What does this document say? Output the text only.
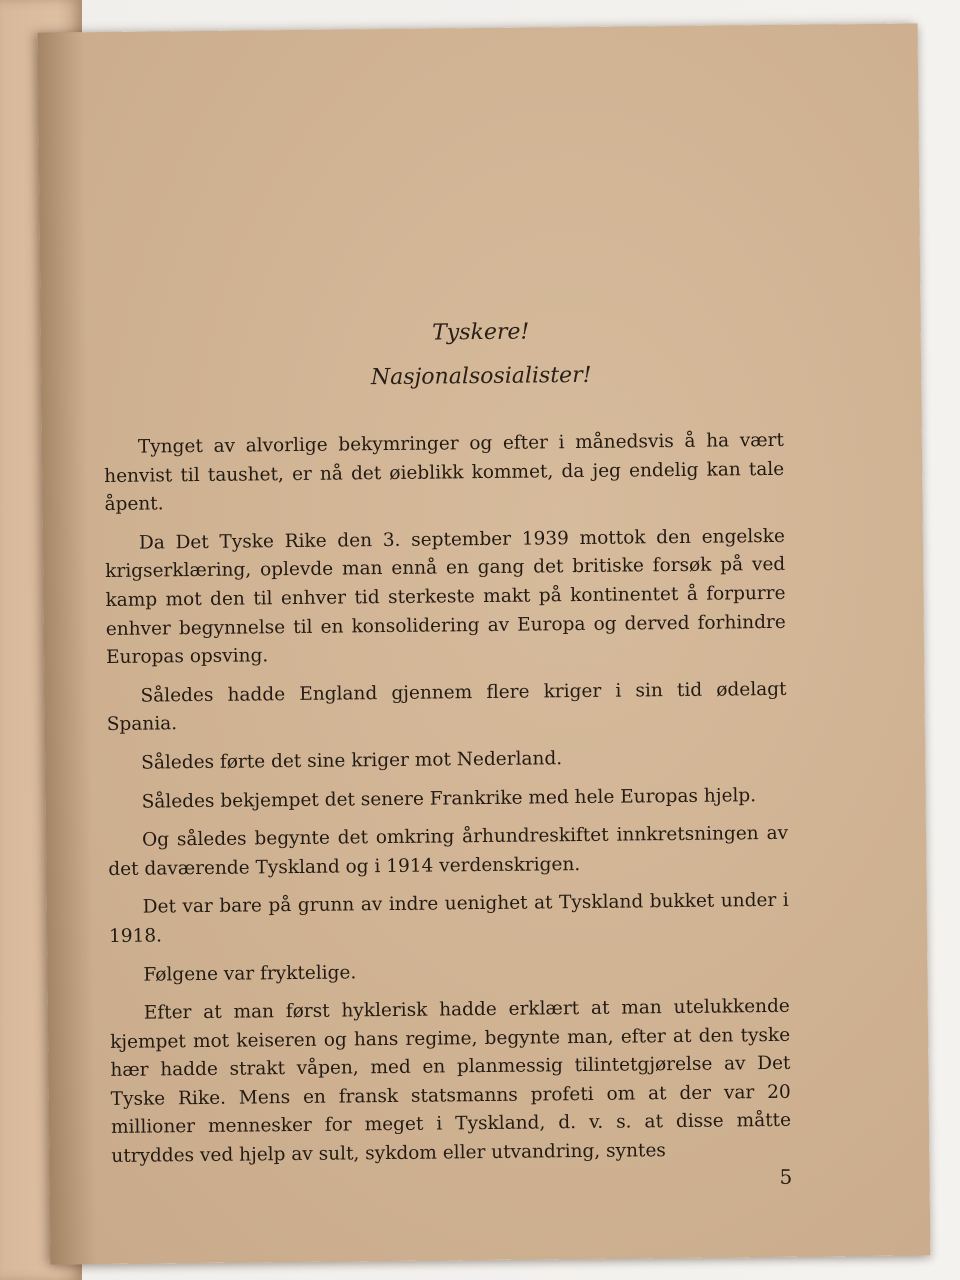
Tyskere!

Nasjonalsosialister!

Tynget av alvorlige bekymringer og efter i månedsvis å ha vært henvist til taushet, er nå det øieblikk kommet, da jeg endelig kan tale åpent.

Da Det Tyske Rike den 3. september 1939 mottok den engelske krigserklæring, oplevde man ennå en gang det britiske forsøk på ved kamp mot den til enhver tid sterkeste makt på kontinentet å forpurre enhver begynnelse til en konsolidering av Europa og derved forhindre Europas opsving.

Således hadde England gjennem flere kriger i sin tid ødelagt Spania.

Således førte det sine kriger mot Nederland.

Således bekjempet det senere Frankrike med hele Europas hjelp.

Og således begynte det omkring århundreskiftet innkretsningen av det daværende Tyskland og i 1914 verdenskrigen.

Det var bare på grunn av indre uenighet at Tyskland bukket under i 1918.

Følgene var fryktelige.

Efter at man først hyklerisk hadde erklært at man utelukkende kjempet mot keiseren og hans regime, begynte man, efter at den tyske hær hadde strakt våpen, med en planmessig tilintetgjørelse av Det Tyske Rike. Mens en fransk statsmanns profeti om at der var 20 millioner mennesker for meget i Tyskland, d. v. s. at disse måtte utryddes ved hjelp av sult, sykdom eller utvandring, syntes

5
